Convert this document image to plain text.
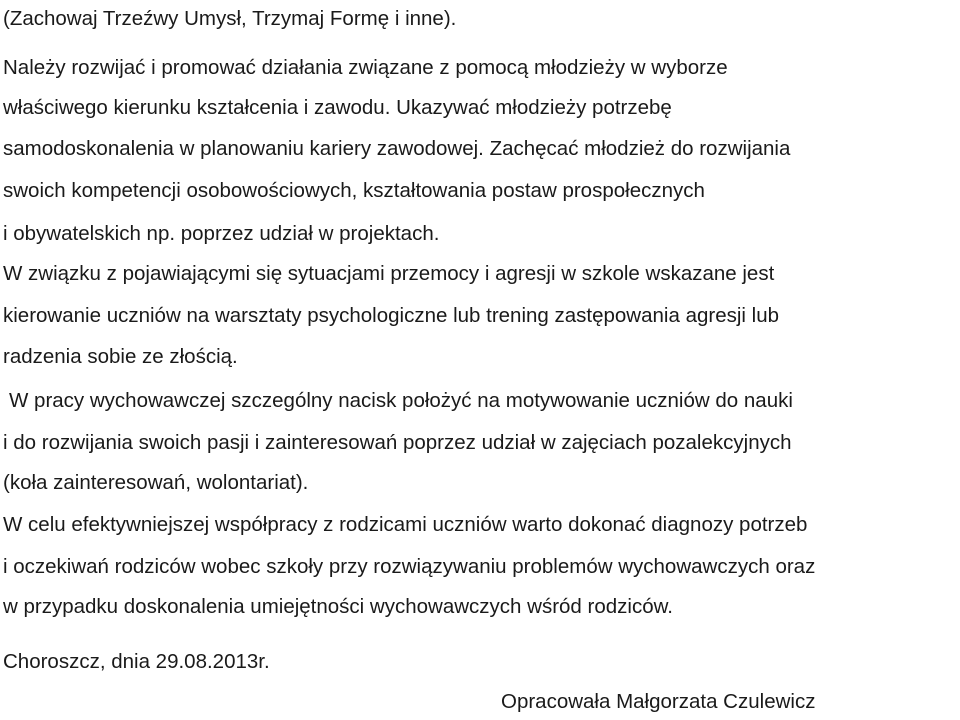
(Zachowaj Trzeźwy Umysł, Trzymaj Formę i inne).
Należy rozwijać i promować działania związane z pomocą młodzieży w wyborze
właściwego kierunku kształcenia i zawodu. Ukazywać młodzieży potrzebę
samodoskonalenia w planowaniu kariery zawodowej. Zachęcać młodzież do rozwijania
swoich kompetencji osobowościowych, kształtowania postaw prospołecznych
i obywatelskich np. poprzez udział w projektach.
W związku z pojawiającymi się sytuacjami przemocy i agresji w szkole wskazane jest
kierowanie uczniów na warsztaty psychologiczne lub trening zastępowania agresji lub
radzenia sobie ze złością.
W pracy wychowawczej szczególny nacisk położyć na motywowanie uczniów do nauki
i do rozwijania swoich pasji i zainteresowań poprzez udział w zajęciach pozalekcyjnych
(koła zainteresowań, wolontariat).
W celu efektywniejszej współpracy z rodzicami uczniów warto dokonać diagnozy potrzeb
i oczekiwań rodziców wobec szkoły przy rozwiązywaniu problemów wychowawczych oraz
w przypadku doskonalenia umiejętności wychowawczych wśród rodziców.
Choroszcz, dnia 29.08.2013r.
Opracowała Małgorzata Czulewicz
